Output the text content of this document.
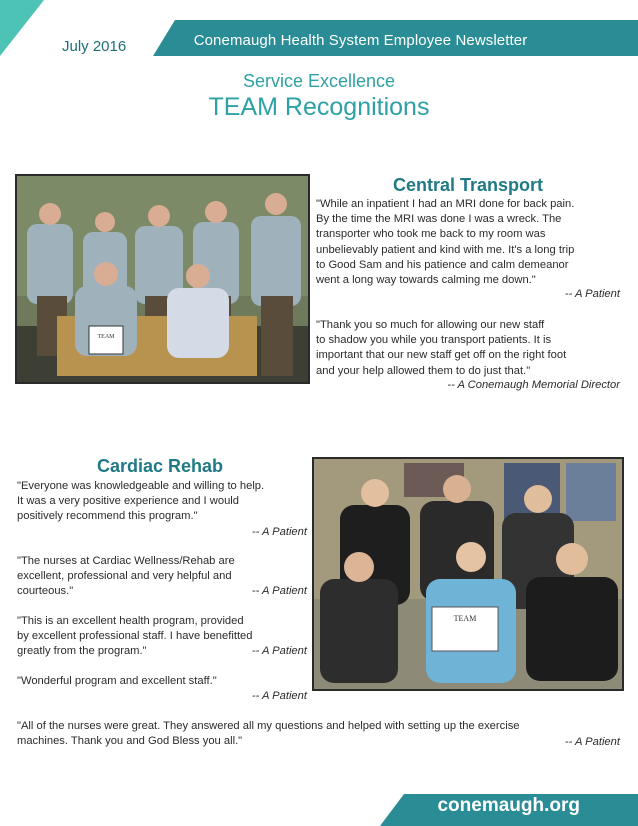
July 2016	Conemaugh Health System Employee Newsletter
Service Excellence
TEAM Recognitions
TEAM
Central Transport
"While an inpatient I had an MRI done for back pain.
By the time the MRI was done I was a wreck. The
transporter who took me back to my room was
unbelievably patient and kind with me. It's a long trip
to Good Sam and his patience and calm demeanor
went a long way towards calming me down."
-- A Patient
"Thank you so much for allowing our new staff
to shadow you while you transport patients. It is
important that our new staff get off on the right foot
and your help allowed them to do just that."
-- A Conemaugh Memorial Director
Cardiac Rehab
"Everyone was knowledgeable and willing to help.
It was a very positive experience and I would
positively recommend this program."
-- A Patient
"The nurses at Cardiac Wellness/Rehab are
excellent, professional and very helpful and
courteous."	-- A Patient
"This is an excellent health program, provided
by excellent professional staff. I have benefitted
greatly from the program."	-- A Patient
"Wonderful program and excellent staff."
-- A Patient
"All of the nurses were great. They answered all my questions and helped with setting up the exercise
machines. Thank you and God Bless you all."	-- A Patient
TEAM
conemaugh.org
